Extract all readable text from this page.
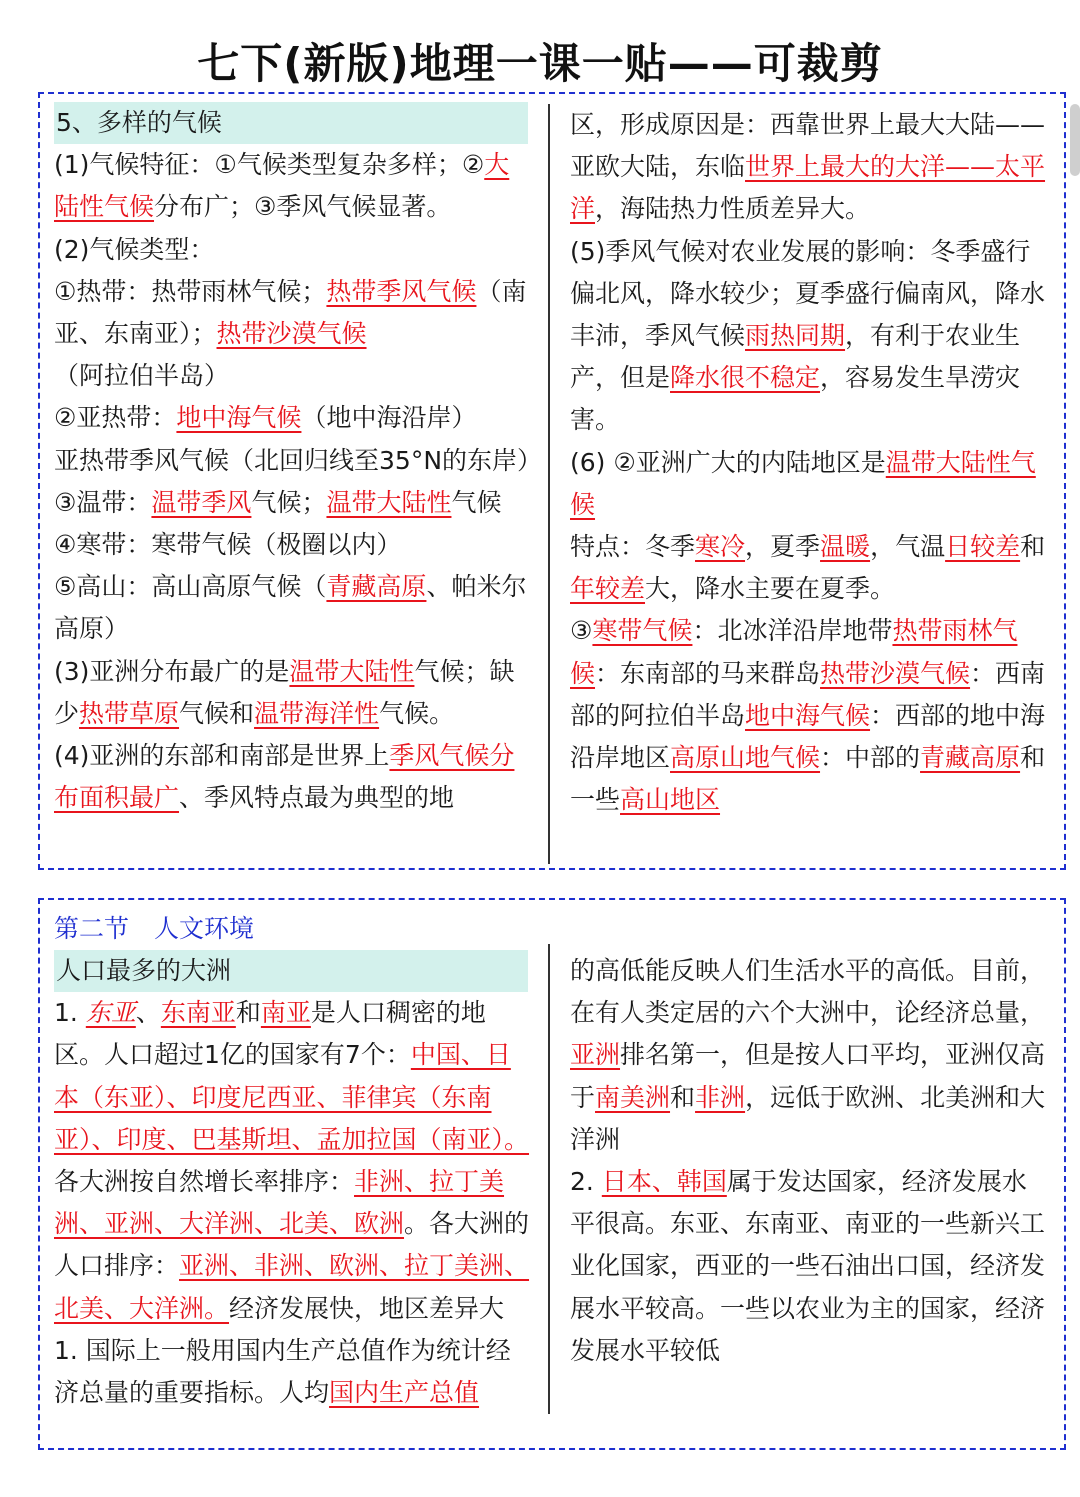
七下(新版)地理一课一贴——可裁剪

5、多样的气候

(1)气候特征：①气候类型复杂多样；②大陆性气候分布广；③季风气候显著。

(2)气候类型：

①热带：热带雨林气候；热带季风气候（南亚、东南亚）；热带沙漠气候（阿拉伯半岛）

②亚热带：地中海气候（地中海沿岸）

亚热带季风气候（北回归线至35°N的东岸）

③温带：温带季风气候；温带大陆性气候

④寒带：寒带气候（极圈以内）

⑤高山：高山高原气候（青藏高原、帕米尔高原）

(3)亚洲分布最广的是温带大陆性气候；缺少热带草原气候和温带海洋性气候。

(4)亚洲的东部和南部是世界上季风气候分布面积最广、季风特点最为典型的地

区，形成原因是：西靠世界上最大大陆——亚欧大陆，东临世界上最大的大洋——太平洋，海陆热力性质差异大。

(5)季风气候对农业发展的影响：冬季盛行偏北风，降水较少；夏季盛行偏南风，降水丰沛，季风气候雨热同期，有利于农业生产，但是降水很不稳定，容易发生旱涝灾害。

(6) ②亚洲广大的内陆地区是温带大陆性气候

特点：冬季寒冷，夏季温暖，气温日较差和年较差大，降水主要在夏季。

③寒带气候：北冰洋沿岸地带热带雨林气候：东南部的马来群岛热带沙漠气候：西南部的阿拉伯半岛地中海气候：西部的地中海沿岸地区高原山地气候：中部的青藏高原和一些高山地区

第二节　人文环境

人口最多的大洲

1. 东亚、东南亚和南亚是人口稠密的地区。人口超过1亿的国家有7个：中国、日本（东亚）、印度尼西亚、菲律宾（东南亚）、印度、巴基斯坦、孟加拉国（南亚）。各大洲按自然增长率排序：非洲、拉丁美洲、亚洲、大洋洲、北美、欧洲。各大洲的人口排序：亚洲、非洲、欧洲、拉丁美洲、北美、大洋洲。经济发展快，地区差异大

1. 国际上一般用国内生产总值作为统计经济总量的重要指标。人均国内生产总值

的高低能反映人们生活水平的高低。目前，在有人类定居的六个大洲中，论经济总量，亚洲排名第一，但是按人口平均，亚洲仅高于南美洲和非洲，远低于欧洲、北美洲和大洋洲

2. 日本、韩国属于发达国家，经济发展水平很高。东亚、东南亚、南亚的一些新兴工业化国家，西亚的一些石油出口国，经济发展水平较高。一些以农业为主的国家，经济发展水平较低
